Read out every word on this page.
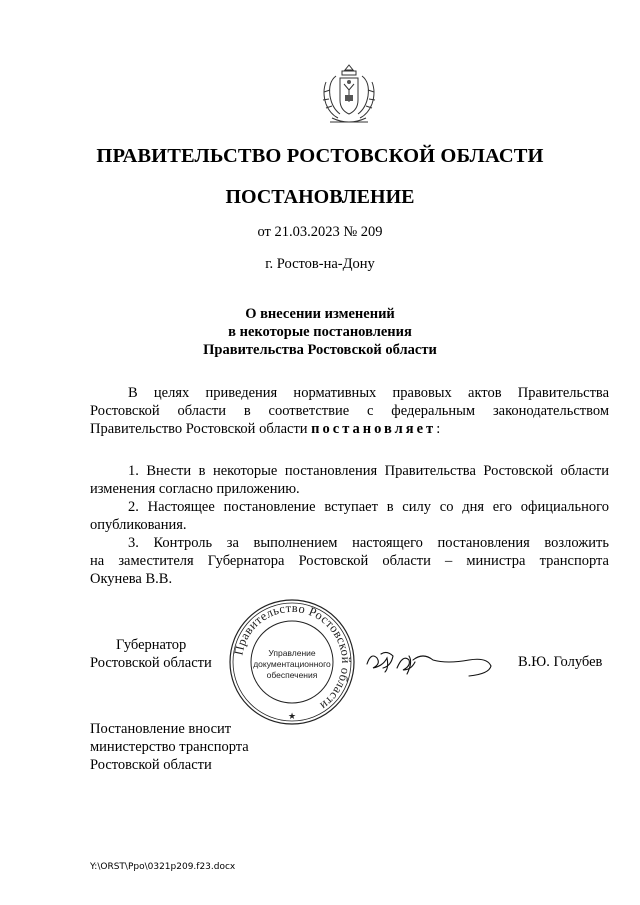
ПРАВИТЕЛЬСТВО РОСТОВСКОЙ ОБЛАСТИ
ПОСТАНОВЛЕНИЕ
от 21.03.2023 № 209
г. Ростов-на-Дону
О внесении изменений
в некоторые постановления
Правительства Ростовской области
В целях приведения нормативных правовых актов Правительства
Ростовской области в соответствие с федеральным законодательством
Правительство Ростовской области постановляет:
1. Внести в некоторые постановления Правительства Ростовской области
изменения согласно приложению.
2. Настоящее постановление вступает в силу со дня его официального
опубликования.
3. Контроль за выполнением настоящего постановления возложить
на заместителя Губернатора Ростовской области – министра транспорта
Окунева В.В.
Губернатор
Ростовской области
Правительство Ростовской области
Управление
документационного
обеспечения
★
В.Ю. Голубев
Постановление вносит
министерство транспорта
Ростовской области
Y:\ORST\Ppo\0321p209.f23.docx
